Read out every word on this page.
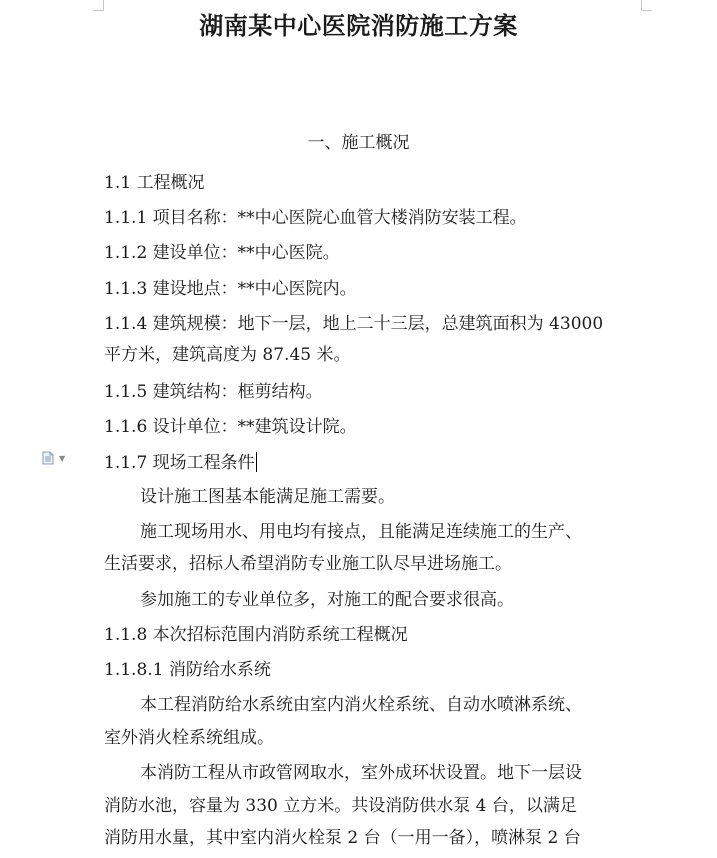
湖南某中心医院消防施工方案
一、施工概况
1.1 工程概况
1.1.1 项目名称：**中心医院心血管大楼消防安装工程。
1.1.2 建设单位：**中心医院。
1.1.3 建设地点：**中心医院内。
1.1.4 建筑规模：地下一层，地上二十三层，总建筑面积为 43000
平方米，建筑高度为 87.45 米。
1.1.5 建筑结构：框剪结构。
1.1.6 设计单位：**建筑设计院。
▼ 1.1.7 现场工程条件
设计施工图基本能满足施工需要。
施工现场用水、用电均有接点，且能满足连续施工的生产、
生活要求，招标人希望消防专业施工队尽早进场施工。
参加施工的专业单位多，对施工的配合要求很高。
1.1.8 本次招标范围内消防系统工程概况
1.1.8.1 消防给水系统
本工程消防给水系统由室内消火栓系统、自动水喷淋系统、
室外消火栓系统组成。
本消防工程从市政管网取水，室外成环状设置。地下一层设
消防水池，容量为 330 立方米。共设消防供水泵 4 台，以满足
消防用水量，其中室内消火栓泵 2 台（一用一备），喷淋泵 2 台
